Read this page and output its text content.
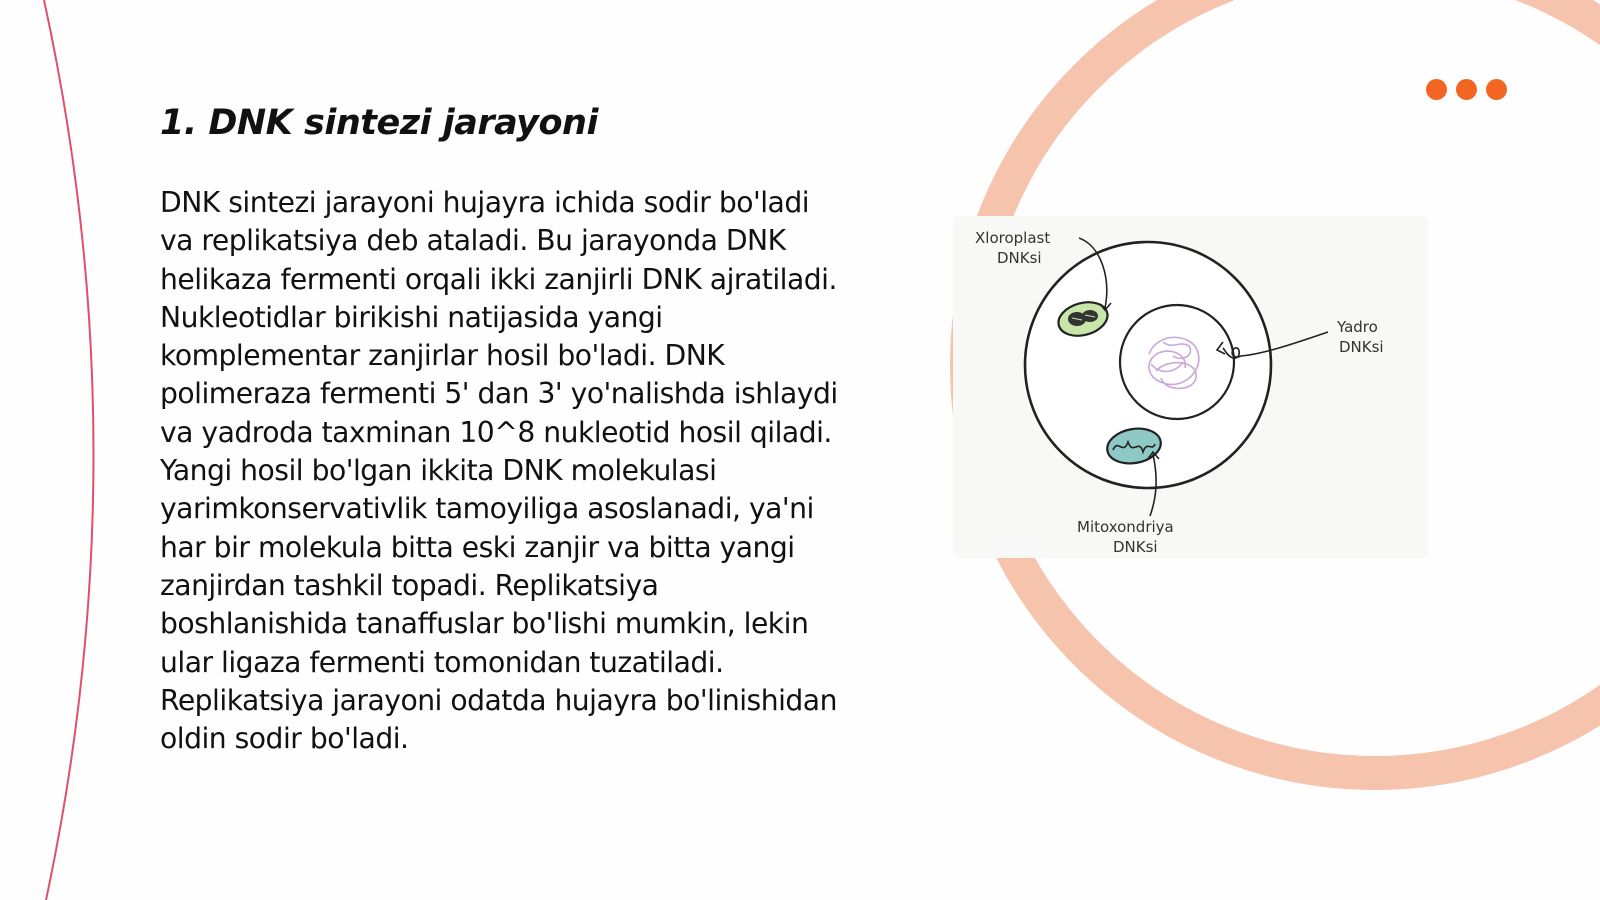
1. DNK sintezi jarayoni

DNK sintezi jarayoni hujayra ichida sodir bo'ladi va replikatsiya deb ataladi. Bu jarayonda DNK helikaza fermenti orqali ikki zanjirli DNK ajratiladi. Nukleotidlar birikishi natijasida yangi komplementar zanjirlar hosil bo'ladi. DNK polimeraza fermenti 5' dan 3' yo'nalishda ishlaydi va yadroda taxminan 10^8 nukleotid hosil qiladi. Yangi hosil bo'lgan ikkita DNK molekulasi yarimkonservativlik tamoyiliga asoslanadi, ya'ni har bir molekula bitta eski zanjir va bitta yangi zanjirdan tashkil topadi. Replikatsiya boshlanishida tanaffuslar bo'lishi mumkin, lekin ular ligaza fermenti tomonidan tuzatiladi. Replikatsiya jarayoni odatda hujayra bo'linishidan oldin sodir bo'ladi.

Xloroplast
DNKsi
Yadro
DNKsi
Mitoxondriya
DNKsi
